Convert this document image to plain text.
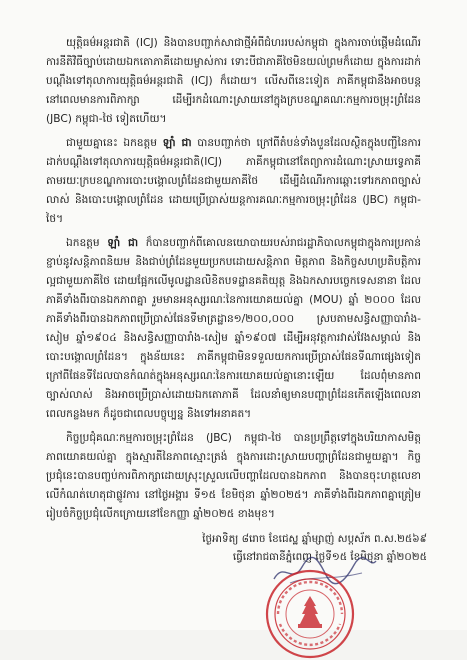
យុត្តិធម៌អន្តរជាតិ (ICJ) និងបានបញ្ជាក់សាជាថ្មីអំពីជំហររបស់កម្ពុជា ក្នុងការចាប់ផ្តើមដំណើរការនីតិវិធីច្បាប់ដោយឯកតោភាគីដោយម្ចាស់ការ ទោះបីជាភាគីថៃមិនយល់ព្រមក៏ដោយ ក្នុងការដាក់បណ្តឹងទៅតុលាការយុត្តិធម៌អន្តរជាតិ (ICJ) ក៏ដោយ។ លើសពីនេះទៀត ភាគីកម្ពុជានឹងអាចបន្តនៅពេលមានការពិភាក្សា ដើម្បីរកដំណោះស្រាយនៅក្នុងក្របខណ្ឌគណៈកម្មការចម្រុះព្រំដែន (JBC) កម្ពុជា-ថៃ ទៀតហើយ។

ជាមួយគ្នានេះ ឯកឧត្តម ឡាំ ជា បានបញ្ជាក់ថា ក្រៅពីតំបន់ទាំងបួនដែលស្ថិតក្នុងបញ្ជីនៃការដាក់បណ្តឹងទៅតុលាការយុត្តិធម៌អន្តរជាតិ(ICJ) ភាគីកម្ពុជានៅតែព្យាការដំណោះស្រាយទ្វេភាគីតាមរយៈក្របខណ្ឌការបោះបង្គោលព្រំដែនជាមួយភាគីថៃ ដើម្បីដំណើរការឆ្ពោះទៅរកភាពច្បាស់លាស់ និងបោះបង្គោលព្រំដែន ដោយប្រើប្រាស់យន្តការគណៈកម្មការចម្រុះព្រំដែន (JBC) កម្ពុជា-ថៃ។

ឯកឧត្តម ឡាំ ជា ក៏បានបញ្ជាក់ពីគោលនយោបាយរបស់រាជរដ្ឋាភិបាលកម្ពុជាក្នុងការប្រកាន់ខ្ជាប់នូវសន្តិភាពនិយម និងជាប់ព្រំដែនមួយប្រកបដោយសន្តិភាព មិត្តភាព និងកិច្ចសហប្រតិបត្តិការល្អជាមួយភាគីថៃ ដោយផ្អែកលើមូលដ្ឋានលិខិតបទដ្ឋានគតិយុត្ត និងឯកសារបច្ចេកទេសនានា ដែលភាគីទាំងពីរបានឯកភាពគ្នា រួមមានអនុស្សរណៈនៃការយោគយល់គ្នា (MOU) ឆ្នាំ ២០០០ ដែលភាគីទាំងពីរបានឯកភាពប្រើប្រាស់ផែនទីមាត្រដ្ឋាន១/២០០,០០០ ស្របតាមសន្ធិសញ្ញាបារាំង-សៀម ឆ្នាំ១៩០៤ និងសន្ធិសញ្ញាបារាំង-សៀម ឆ្នាំ១៩០៧ ដើម្បីអនុវត្តការវាស់វែងសម្គាល់ និងបោះបង្គោលព្រំដែន។ ក្នុងន័យនេះ ភាគីកម្ពុជាមិនទទួលយកការប្រើប្រាស់ផែនទីណាផ្សេងទៀតក្រៅពីផែនទីដែលបានកំណត់ក្នុងអនុស្សរណៈនៃការយោគយល់គ្នានោះឡើយ ដែលពុំមានភាពច្បាស់លាស់ និងអាចប្រើប្រាស់ដោយឯកតោភាគី ដែលនាំឲ្យមានបញ្ហាព្រំដែនកើតឡើងពេលនាពេលកន្លងមក ក៏ដូចជាពេលបច្ចុប្បន្ន និងទៅអនាគត។

កិច្ចប្រជុំគណៈកម្មការចម្រុះព្រំដែន (JBC) កម្ពុជា-ថៃ បានប្រព្រឹត្តទៅក្នុងបរិយាកាសមិត្តភាពយោគយល់គ្នា ក្នុងស្មារតីនៃភាពស្មោះត្រង់ ក្នុងការដោះស្រាយបញ្ហាព្រំដែនជាមួយគ្នា។ កិច្ចប្រជុំនេះបានបញ្ចប់ការពិភាក្សាដោយស្រុះស្រួលលើបញ្ហាដែលបានឯកភាព និងបានចុះហត្ថលេខាលើកំណត់ហេតុជាផ្លូវការ នៅថ្ងៃអង្គារ ទី១៥ ខែមិថុនា ឆ្នាំ២០២៥។ ភាគីទាំងពីរឯកភាពគ្នាត្រៀមរៀបចំកិច្ចប្រជុំលើកក្រោយនៅខែកញ្ញា ឆ្នាំ២០២៥ ខាងមុខ។

ថ្ងៃអាទិត្យ ៨រោច ខែជេស្ឋ ឆ្នាំម្សាញ់ សប្តស័ក ព.ស.២៥៦៩
ធ្វើនៅរាជធានីភ្នំពេញ ថ្ងៃទី១៥ ខែមិថុនា ឆ្នាំ២០២៥
